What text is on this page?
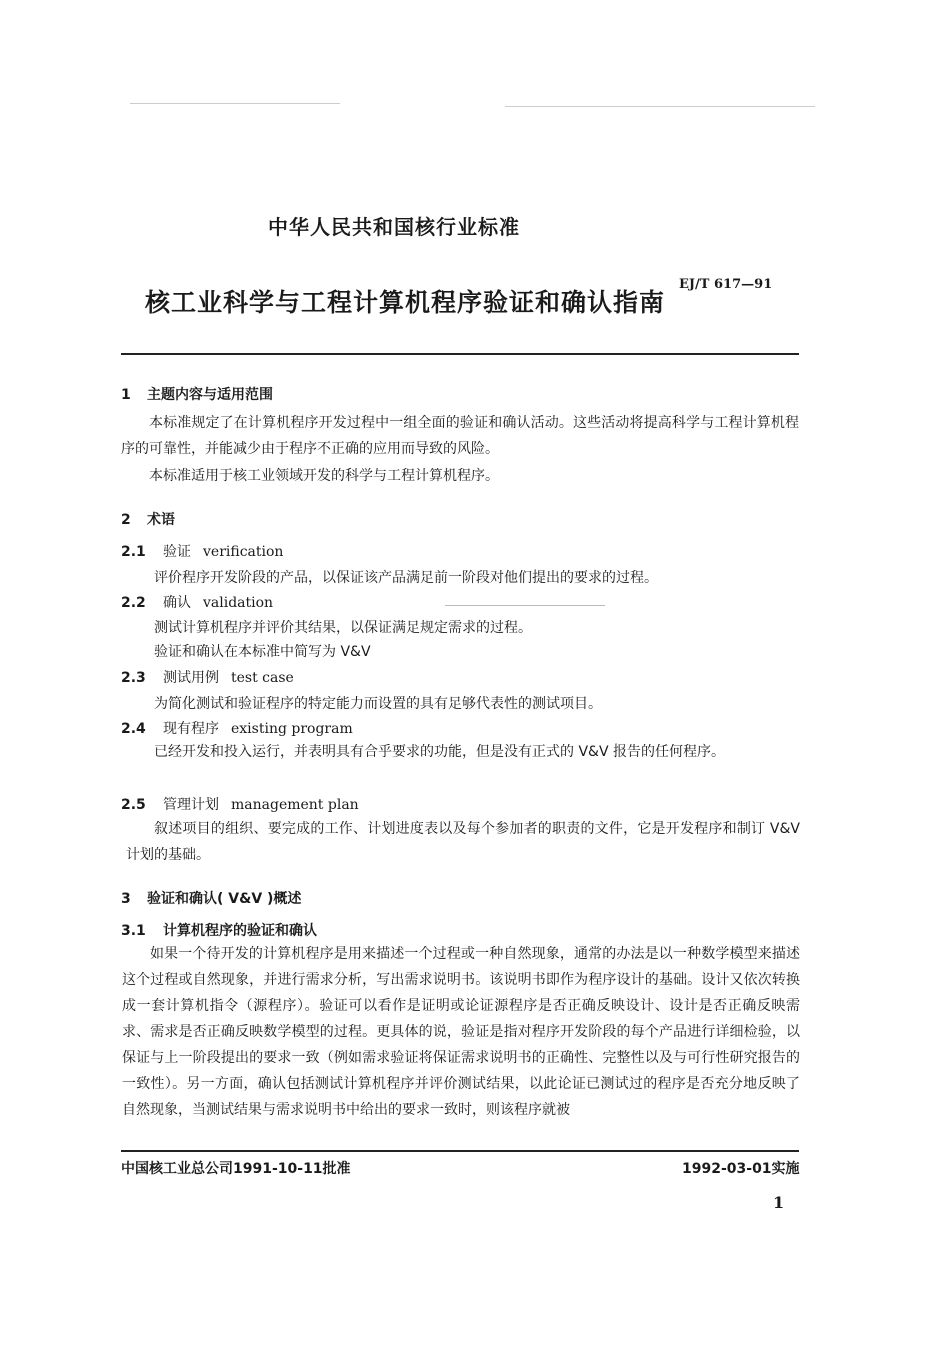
中华人民共和国核行业标准
核工业科学与工程计算机程序验证和确认指南
EJ/T 617—91
1 主题内容与适用范围
本标准规定了在计算机程序开发过程中一组全面的验证和确认活动。这些活动将提高科学与工程计算机程序的可靠性，并能减少由于程序不正确的应用而导致的风险。
本标准适用于核工业领域开发的科学与工程计算机程序。
2 术语
2.1 验证 verification
评价程序开发阶段的产品，以保证该产品满足前一阶段对他们提出的要求的过程。
2.2 确认 validation
测试计算机程序并评价其结果，以保证满足规定需求的过程。
验证和确认在本标准中简写为 V&V
2.3 测试用例 test case
为简化测试和验证程序的特定能力而设置的具有足够代表性的测试项目。
2.4 现有程序 existing program
已经开发和投入运行，并表明具有合乎要求的功能，但是没有正式的 V&V 报告的任何程序。
2.5 管理计划 management plan
叙述项目的组织、要完成的工作、计划进度表以及每个参加者的职责的文件，它是开发程序和制订 V&V 计划的基础。
3 验证和确认( V&V )概述
3.1 计算机程序的验证和确认
如果一个待开发的计算机程序是用来描述一个过程或一种自然现象，通常的办法是以一种数学模型来描述这个过程或自然现象，并进行需求分析，写出需求说明书。该说明书即作为程序设计的基础。设计又依次转换成一套计算机指令（源程序）。验证可以看作是证明或论证源程序是否正确反映设计、设计是否正确反映需求、需求是否正确反映数学模型的过程。更具体的说，验证是指对程序开发阶段的每个产品进行详细检验，以保证与上一阶段提出的要求一致（例如需求验证将保证需求说明书的正确性、完整性以及与可行性研究报告的一致性）。另一方面，确认包括测试计算机程序并评价测试结果，以此论证已测试过的程序是否充分地反映了自然现象，当测试结果与需求说明书中给出的要求一致时，则该程序就被
中国核工业总公司1991-10-11批准	1992-03-01实施
1
